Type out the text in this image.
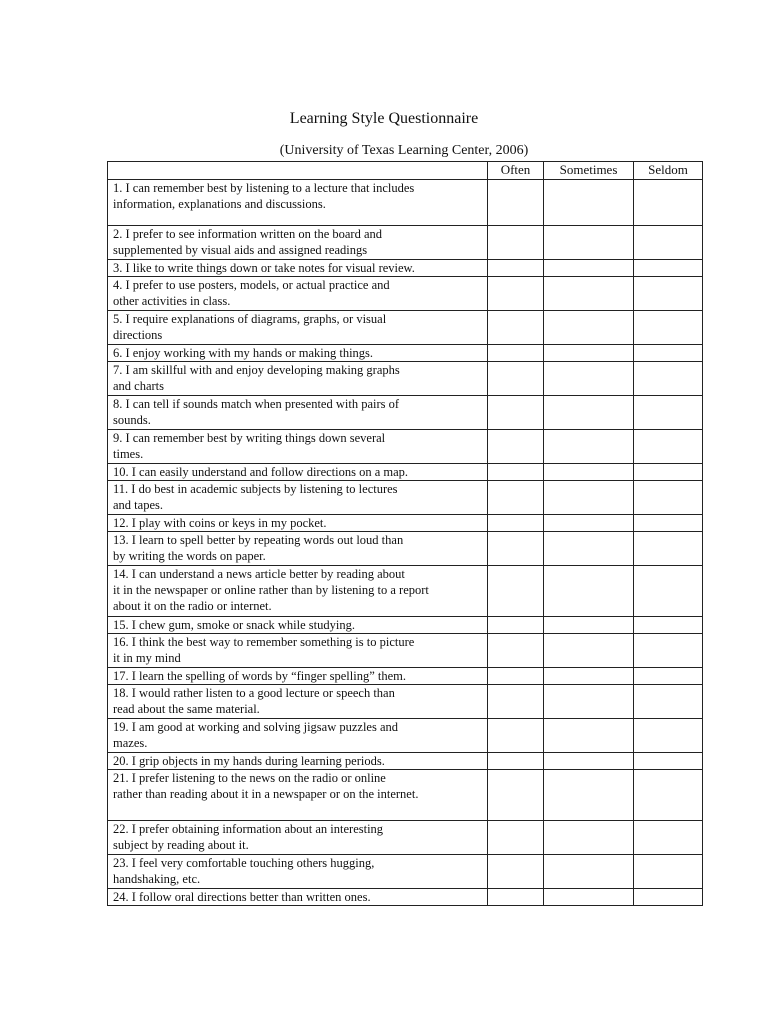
Learning Style Questionnaire
(University of Texas Learning Center, 2006)
	Often	Sometimes	Seldom
1. I can remember best by listening to a lecture that includes
information, explanations and discussions.			
2. I prefer to see information written on the board and
supplemented by visual aids and assigned readings			
3. I like to write things down or take notes for visual review.			
4. I prefer to use posters, models, or actual practice and
other activities in class.			
5. I require explanations of diagrams, graphs, or visual
directions			
6. I enjoy working with my hands or making things.			
7. I am skillful with and enjoy developing making graphs
and charts			
8. I can tell if sounds match when presented with pairs of
sounds.			
9. I can remember best by writing things down several
times.			
10. I can easily understand and follow directions on a map.			
11. I do best in academic subjects by listening to lectures
and tapes.			
12. I play with coins or keys in my pocket.			
13. I learn to spell better by repeating words out loud than
by writing the words on paper.			
14. I can understand a news article better by reading about
it in the newspaper or online rather than by listening to a report
about it on the radio or internet.			
15. I chew gum, smoke or snack while studying.			
16. I think the best way to remember something is to picture
it in my mind			
17. I learn the spelling of words by “finger spelling” them.			
18. I would rather listen to a good lecture or speech than
read about the same material.			
19. I am good at working and solving jigsaw puzzles and
mazes.			
20. I grip objects in my hands during learning periods.			
21. I prefer listening to the news on the radio or online
rather than reading about it in a newspaper or on the internet.			
22. I prefer obtaining information about an interesting
subject by reading about it.			
23. I feel very comfortable touching others hugging,
handshaking, etc.			
24. I follow oral directions better than written ones.			
